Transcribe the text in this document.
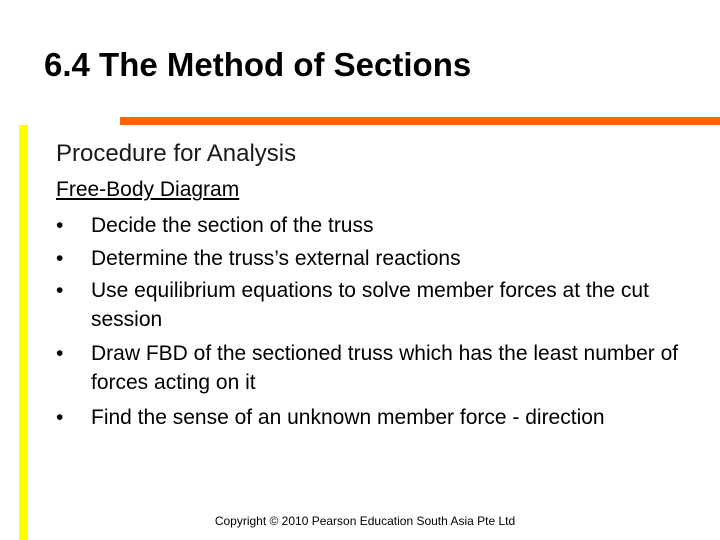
6.4 The Method of Sections
Procedure for Analysis
Free-Body Diagram
•	Decide the section of the truss
•	Determine the truss’s external reactions
•	Use equilibrium equations to solve member forces at the cut session
•	Draw FBD of the sectioned truss which has the least number of forces acting on it
•	Find the sense of an unknown member force - direction
Copyright © 2010 Pearson Education South Asia Pte Ltd
